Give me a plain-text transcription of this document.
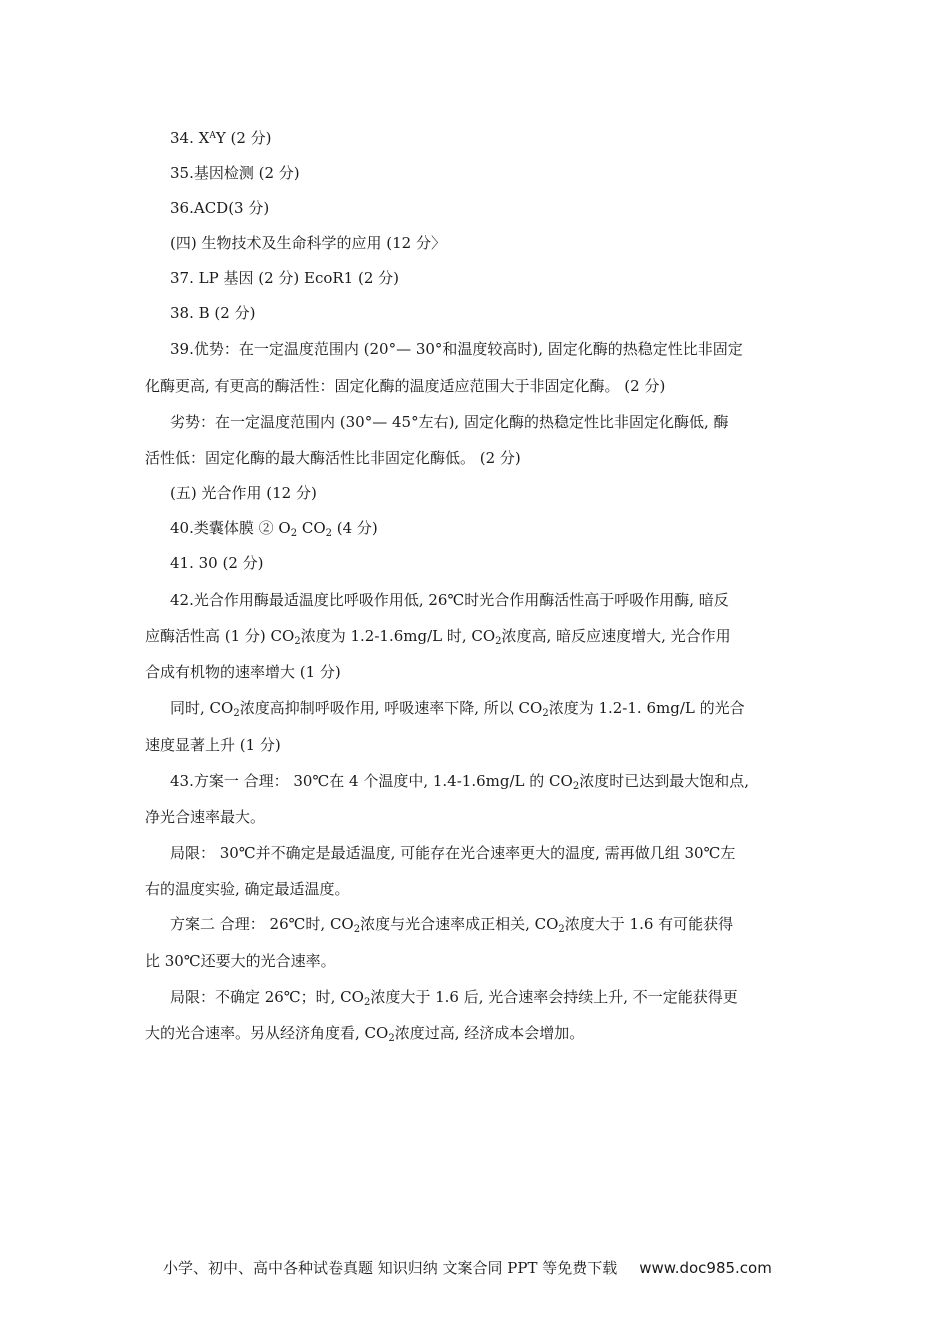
34. $X^AY$ (2 分)
35.基因检测 (2 分)
36.ACD(3 分)
(四) 生物技术及生命科学的应用 (12 分〉
37. LP 基因 (2 分) EcoR1 (2 分)
38. B (2 分)
39.优势：在一定温度范围内 (20°— 30°和温度较高时), 固定化酶的热稳定性比非固定
化酶更高, 有更高的酶活性：固定化酶的温度适应范围大于非固定化酶。 (2 分)
劣势：在一定温度范围内 (30°— 45°左右), 固定化酶的热稳定性比非固定化酶低, 酶
活性低：固定化酶的最大酶活性比非固定化酶低。 (2 分)
(五) 光合作用 (12 分)
40.类囊体膜 ② $O_2$ $CO_2$ (4 分)
41. 30 (2 分)
42.光合作用酶最适温度比呼吸作用低, 26℃时光合作用酶活性高于呼吸作用酶, 暗反
应酶活性高 (1 分) $CO_2$浓度为 1.2-1.6mg/L 时, $CO_2$浓度高, 暗反应速度增大, 光合作用
合成有机物的速率增大 (1 分)
同时, $CO_2$浓度高抑制呼吸作用, 呼吸速率下降, 所以 $CO_2$浓度为 1.2-1. 6mg/L 的光合
速度显著上升 (1 分)
43.方案一 合理： 30℃在 4 个温度中, 1.4-1.6mg/L 的 $CO_2$浓度时已达到最大饱和点,
净光合速率最大。
局限： 30℃并不确定是最适温度, 可能存在光合速率更大的温度, 需再做几组 30℃左
右的温度实验, 确定最适温度。
方案二 合理： 26℃时, $CO_2$浓度与光合速率成正相关, $CO_2$浓度大于 1.6 有可能获得
比 30℃还要大的光合速率。
局限：不确定 26℃；时, $CO_2$浓度大于 1.6 后, 光合速率会持续上升, 不一定能获得更
大的光合速率。另从经济角度看, $CO_2$浓度过高, 经济成本会增加。
小学、初中、高中各种试卷真题 知识归纳 文案合同 PPT 等免费下载 www.doc985.com
